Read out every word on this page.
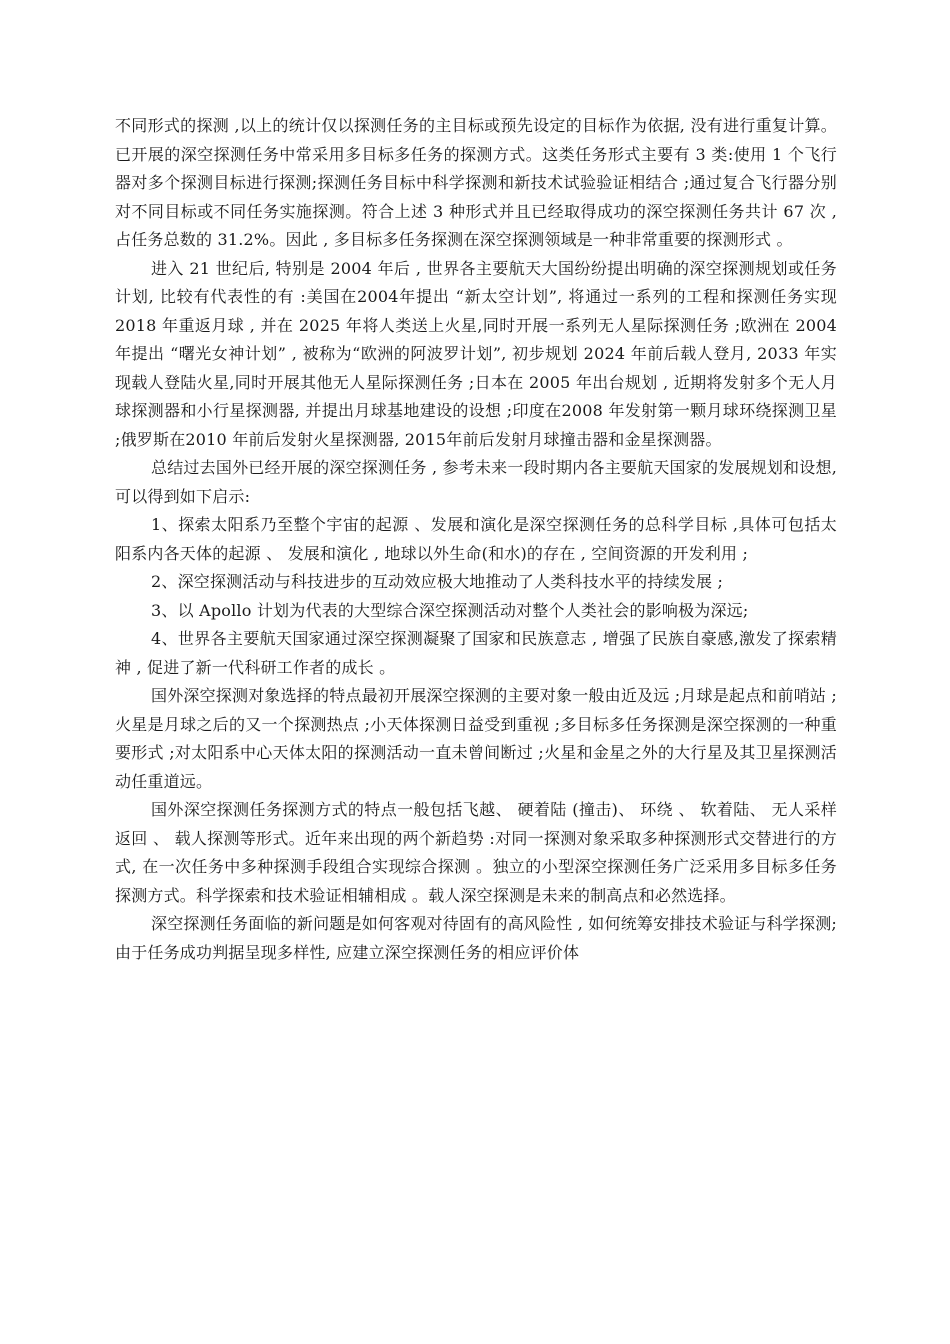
不同形式的探测 ,以上的统计仅以探测任务的主目标或预先设定的目标作为依据, 没有进行重复计算。已开展的深空探测任务中常采用多目标多任务的探测方式。这类任务形式主要有 3 类:使用 1 个飞行器对多个探测目标进行探测;探测任务目标中科学探测和新技术试验验证相结合 ;通过复合飞行器分别对不同目标或不同任务实施探测。符合上述 3 种形式并且已经取得成功的深空探测任务共计 67 次 , 占任务总数的 31.2%。因此 , 多目标多任务探测在深空探测领域是一种非常重要的探测形式 。

进入 21 世纪后, 特别是 2004 年后 , 世界各主要航天大国纷纷提出明确的深空探测规划或任务计划, 比较有代表性的有 :美国在2004年提出 “新太空计划”, 将通过一系列的工程和探测任务实现 2018 年重返月球 , 并在 2025 年将人类送上火星,同时开展一系列无人星际探测任务 ;欧洲在 2004 年提出 “曙光女神计划” , 被称为“欧洲的阿波罗计划”, 初步规划 2024 年前后载人登月, 2033 年实现载人登陆火星,同时开展其他无人星际探测任务 ;日本在 2005 年出台规划 , 近期将发射多个无人月球探测器和小行星探测器, 并提出月球基地建设的设想 ;印度在2008 年发射第一颗月球环绕探测卫星 ;俄罗斯在2010 年前后发射火星探测器, 2015年前后发射月球撞击器和金星探测器。

总结过去国外已经开展的深空探测任务 , 参考未来一段时期内各主要航天国家的发展规划和设想, 可以得到如下启示:

1、探索太阳系乃至整个宇宙的起源 、发展和演化是深空探测任务的总科学目标 ,具体可包括太阳系内各天体的起源 、 发展和演化 , 地球以外生命(和水)的存在 , 空间资源的开发利用 ;

2、深空探测活动与科技进步的互动效应极大地推动了人类科技水平的持续发展 ;

3、以 Apollo 计划为代表的大型综合深空探测活动对整个人类社会的影响极为深远;

4、世界各主要航天国家通过深空探测凝聚了国家和民族意志 , 增强了民族自豪感,激发了探索精神 , 促进了新一代科研工作者的成长 。

国外深空探测对象选择的特点最初开展深空探测的主要对象一般由近及远 ;月球是起点和前哨站 ;火星是月球之后的又一个探测热点 ;小天体探测日益受到重视 ;多目标多任务探测是深空探测的一种重要形式 ;对太阳系中心天体太阳的探测活动一直未曾间断过 ;火星和金星之外的大行星及其卫星探测活动任重道远。

国外深空探测任务探测方式的特点一般包括飞越、 硬着陆 (撞击)、 环绕 、 软着陆、 无人采样返回 、 载人探测等形式。近年来出现的两个新趋势 :对同一探测对象采取多种探测形式交替进行的方式, 在一次任务中多种探测手段组合实现综合探测 。独立的小型深空探测任务广泛采用多目标多任务探测方式。科学探索和技术验证相辅相成 。载人深空探测是未来的制高点和必然选择。

深空探测任务面临的新问题是如何客观对待固有的高风险性 , 如何统筹安排技术验证与科学探测;由于任务成功判据呈现多样性, 应建立深空探测任务的相应评价体
